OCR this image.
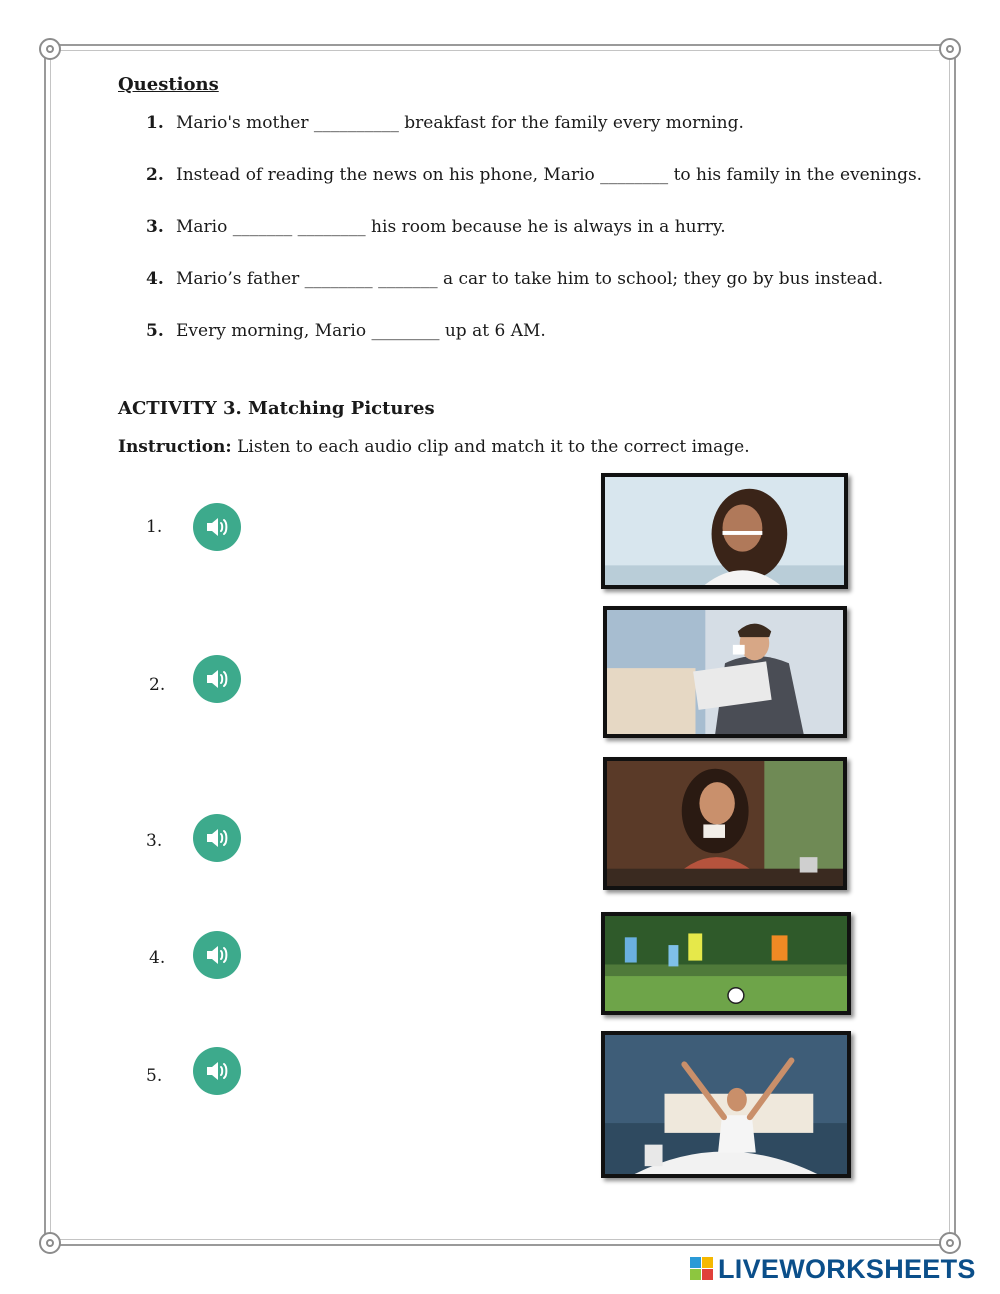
Questions
1. Mario's mother __________ breakfast for the family every morning.
2. Instead of reading the news on his phone, Mario ________ to his family in the evenings.
3. Mario _______ ________ his room because he is always in a hurry.
4. Mario’s father ________ _______ a car to take him to school; they go by bus instead.
5. Every morning, Mario ________ up at 6 AM.
ACTIVITY 3. Matching Pictures
Instruction: Listen to each audio clip and match it to the correct image.
1.
2.
3.
4.
5.
LIVEWORKSHEETS
